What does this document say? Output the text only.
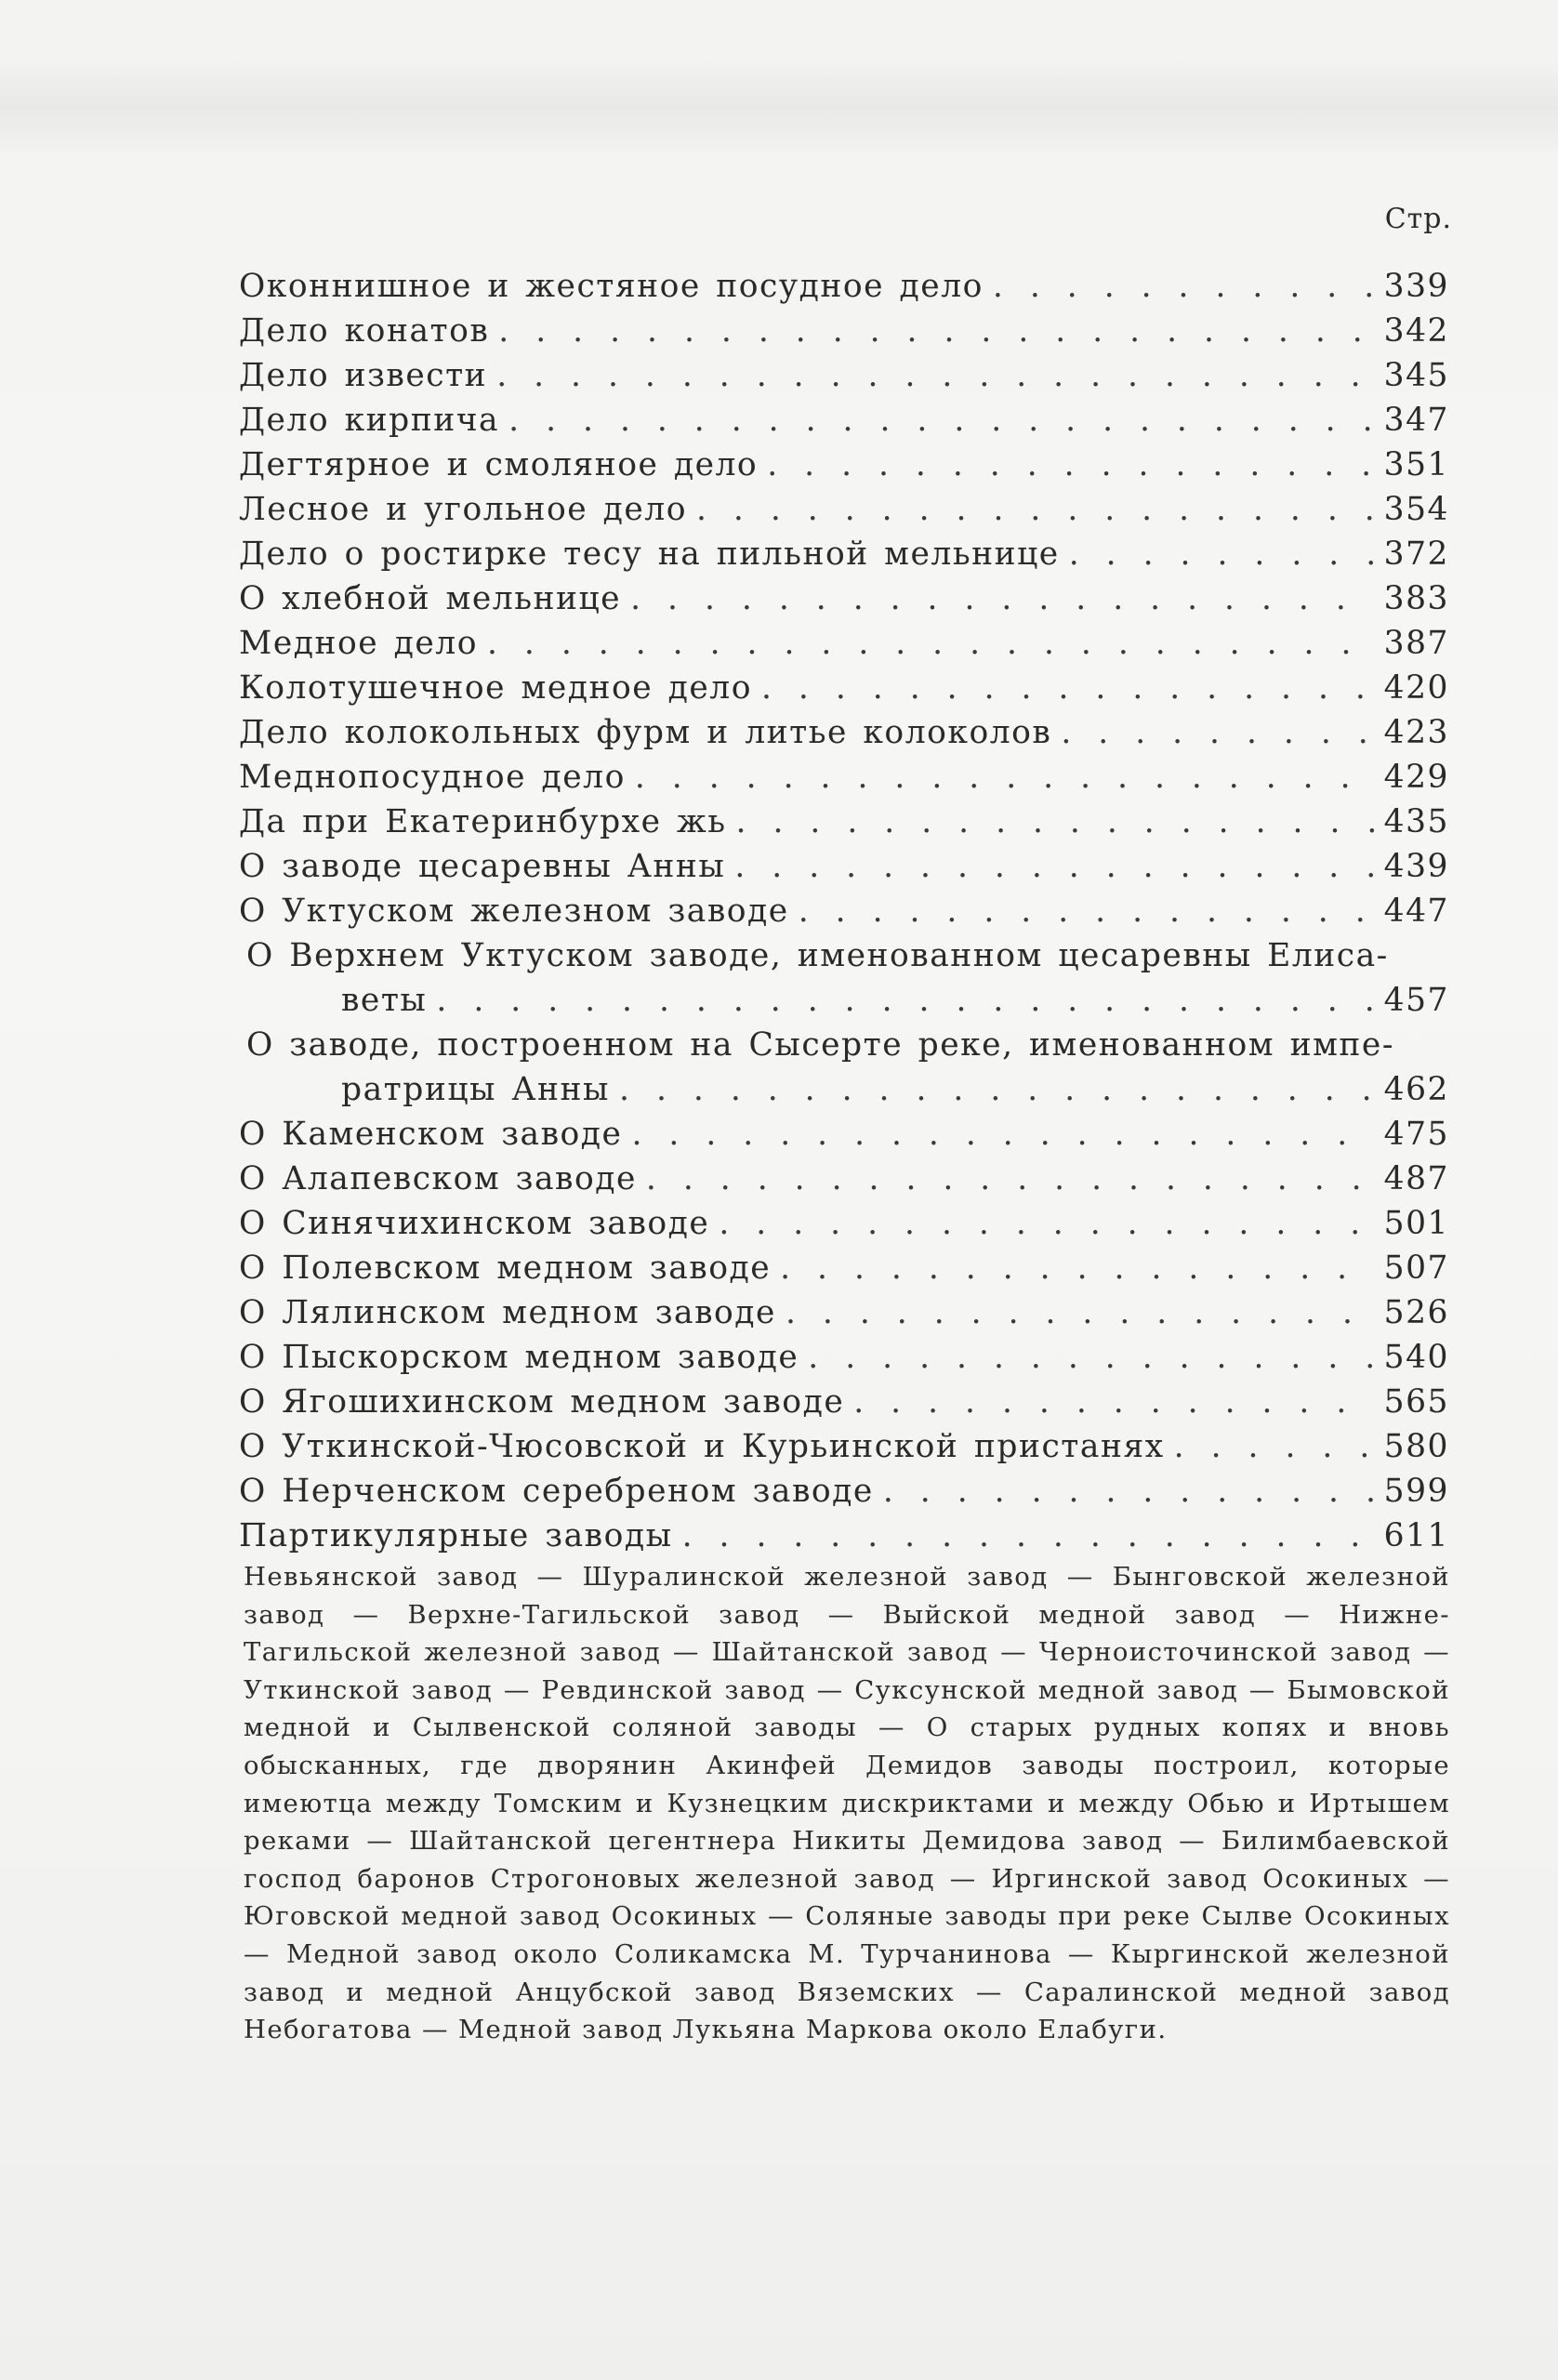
Стр.
Оконнишное и жестяное посудное дело . . .	339
Дело конатов . . .	342
Дело извести . . .	345
Дело кирпича . . .	347
Дегтярное и смоляное дело . . .	351
Лесное и угольное дело . . .	354
Дело о ростирке тесу на пильной мельнице . . .	372
О хлебной мельнице . . .	383
Медное дело . . .	387
Колотушечное медное дело . . .	420
Дело колокольных фурм и литье колоколов . . .	423
Меднопосудное дело . . .	429
Да при Екатеринбурхе жь . . .	435
О заводе цесаревны Анны . . .	439
О Уктуском железном заводе . . .	447
О Верхнем Уктуском заводе, именованном цесаревны Елиса-
веты . . .	457
О заводе, построенном на Сысерте реке, именованном импе-
ратрицы Анны . . .	462
О Каменском заводе . . .	475
О Алапевском заводе . . .	487
О Синячихинском заводе . . .	501
О Полевском медном заводе . . .	507
О Лялинском медном заводе . . .	526
О Пыскорском медном заводе . . .	540
О Ягошихинском медном заводе . . .	565
О Уткинской-Чюсовской и Курьинской пристанях . . .	580
О Нерченском серебреном заводе . . .	599
Партикулярные заводы . . .	611

Невьянской завод — Шуралинской железной завод — Бынговской железной завод — Верхне-Тагильской завод — Выйской медной завод — Нижне-Тагильской железной завод — Шайтанской завод — Черноисточинской завод — Уткинской завод — Ревдинской завод — Суксунской медной завод — Бымовской медной и Сылвенской соляной заводы — О старых рудных копях и вновь обысканных, где дворянин Акинфей Демидов заводы построил, которые имеютца между Томским и Кузнецким дискриктами и между Обью и Иртышем реками — Шайтанской цегентнера Никиты Демидова завод — Билимбаевской господ баронов Строгоновых железной завод — Иргинской завод Осокиных — Юговской медной завод Осокиных — Соляные заводы при реке Сылве Осокиных — Медной завод около Соликамска М. Турчанинова — Кыргинской железной завод и медной Анцубской завод Вяземских — Саралинской медной завод Небогатова — Медной завод Лукьяна Маркова около Елабуги.
